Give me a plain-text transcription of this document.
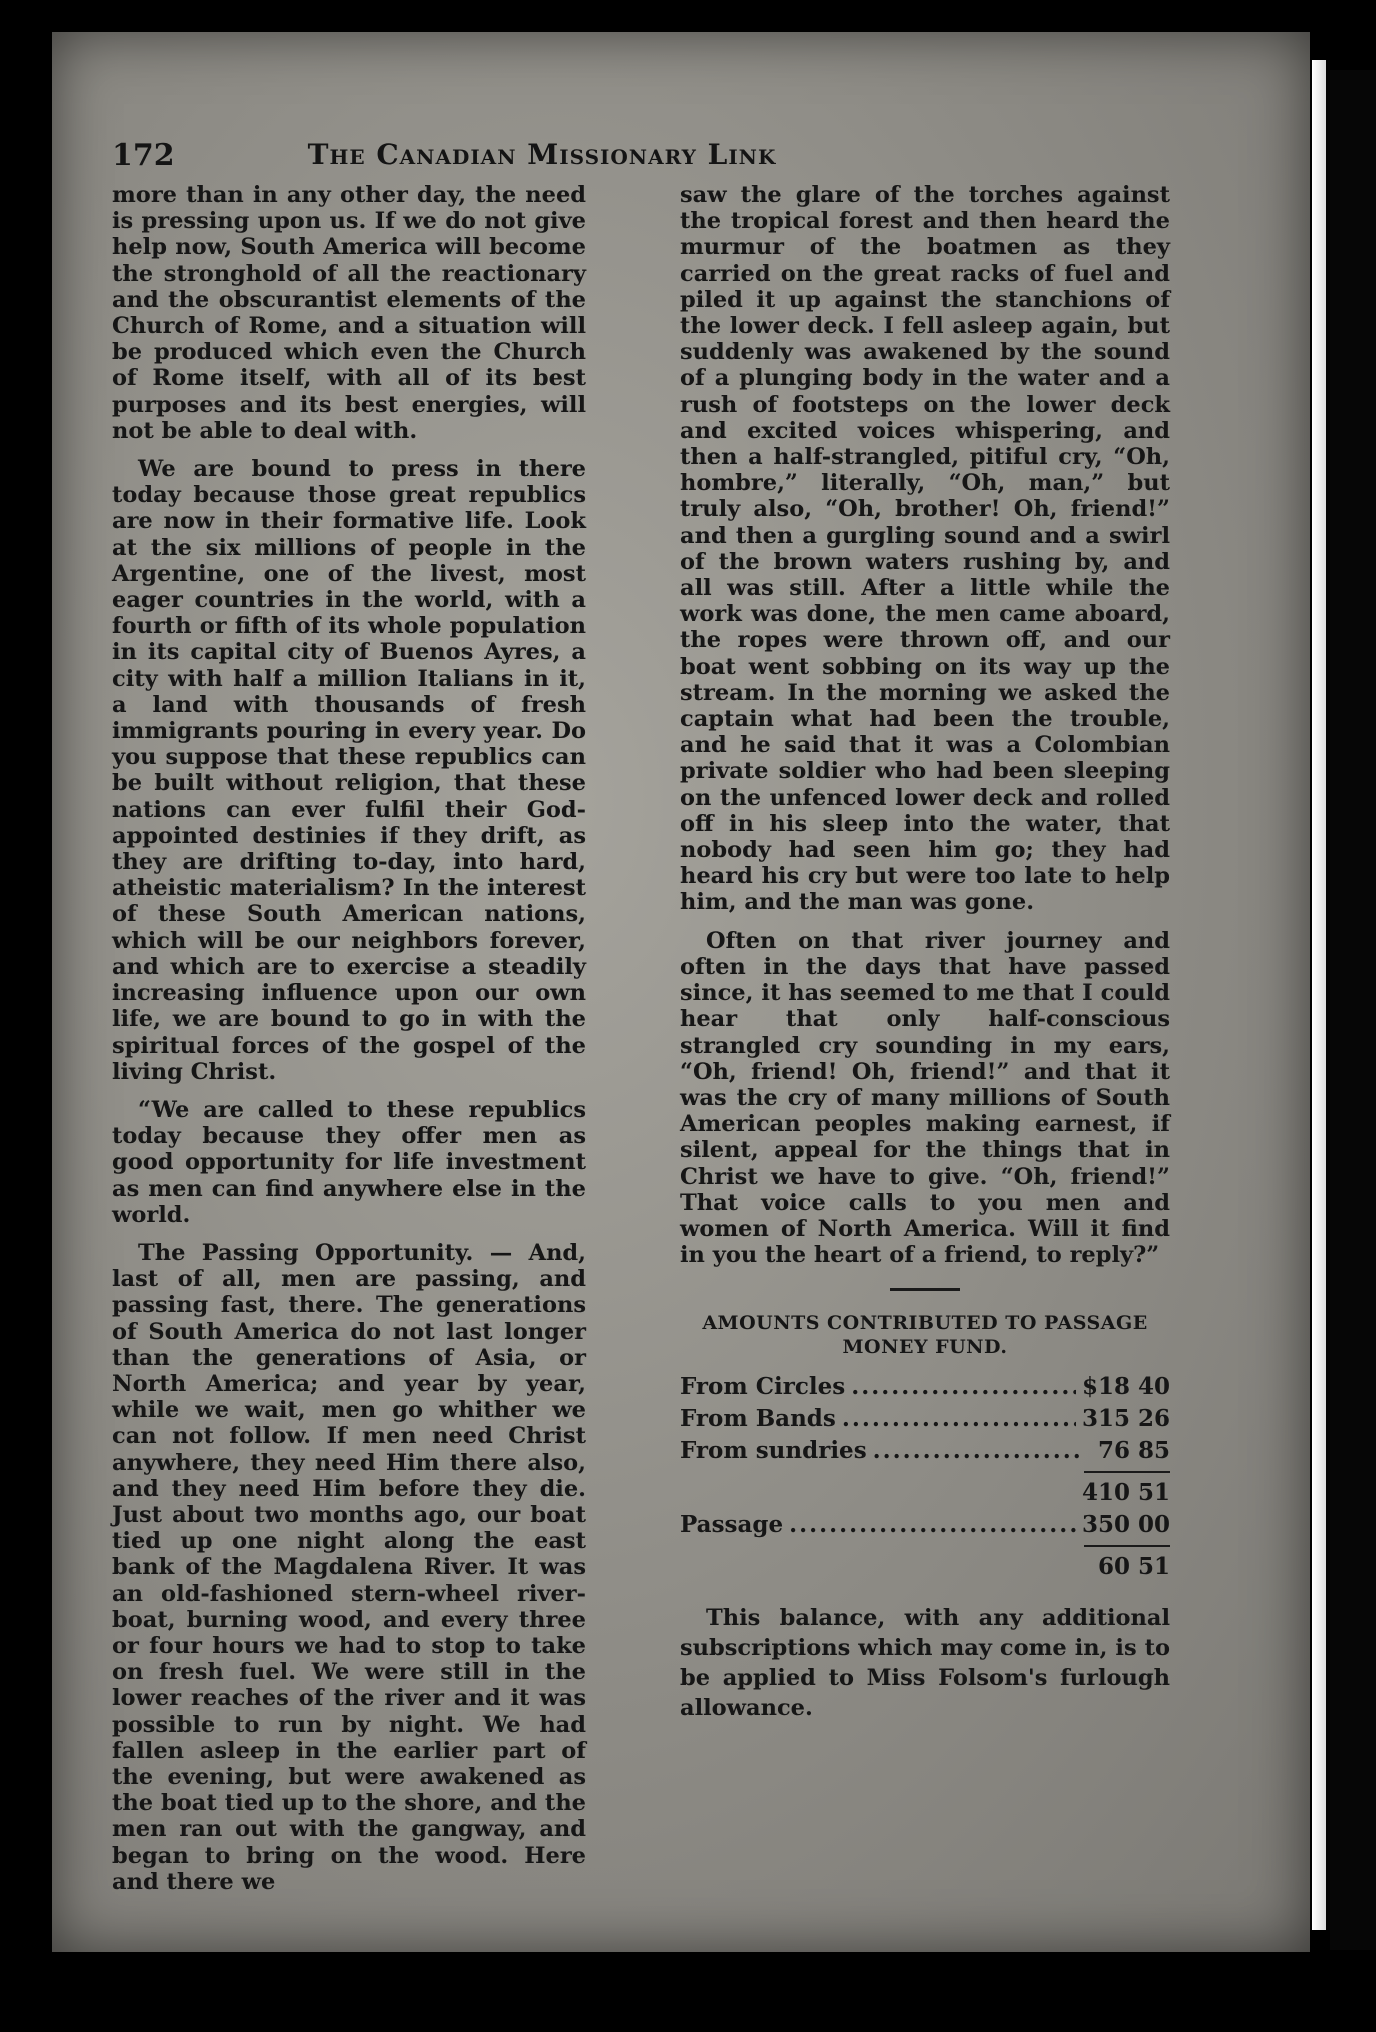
172	The Canadian Missionary Link

more than in any other day, the need is pressing upon us. If we do not give help now, South America will become the stronghold of all the reactionary and the obscurantist elements of the Church of Rome, and a situation will be produced which even the Church of Rome itself, with all of its best purposes and its best energies, will not be able to deal with.

We are bound to press in there today because those great republics are now in their formative life. Look at the six millions of people in the Argentine, one of the livest, most eager countries in the world, with a fourth or fifth of its whole population in its capital city of Buenos Ayres, a city with half a million Italians in it, a land with thousands of fresh immigrants pouring in every year. Do you suppose that these republics can be built without religion, that these nations can ever fulfil their God-appointed destinies if they drift, as they are drifting to-day, into hard, atheistic materialism? In the interest of these South American nations, which will be our neighbors forever, and which are to exercise a steadily increasing influence upon our own life, we are bound to go in with the spiritual forces of the gospel of the living Christ.

“We are called to these republics today because they offer men as good opportunity for life investment as men can find anywhere else in the world.

The Passing Opportunity. — And, last of all, men are passing, and passing fast, there. The generations of South America do not last longer than the generations of Asia, or North America; and year by year, while we wait, men go whither we can not follow. If men need Christ anywhere, they need Him there also, and they need Him before they die. Just about two months ago, our boat tied up one night along the east bank of the Magdalena River. It was an old-fashioned stern-wheel river-boat, burning wood, and every three or four hours we had to stop to take on fresh fuel. We were still in the lower reaches of the river and it was possible to run by night. We had fallen asleep in the earlier part of the evening, but were awakened as the boat tied up to the shore, and the men ran out with the gangway, and began to bring on the wood. Here and there we

saw the glare of the torches against the tropical forest and then heard the murmur of the boatmen as they carried on the great racks of fuel and piled it up against the stanchions of the lower deck. I fell asleep again, but suddenly was awakened by the sound of a plunging body in the water and a rush of footsteps on the lower deck and excited voices whispering, and then a half-strangled, pitiful cry, “Oh, hombre,” literally, “Oh, man,” but truly also, “Oh, brother! Oh, friend!” and then a gurgling sound and a swirl of the brown waters rushing by, and all was still. After a little while the work was done, the men came aboard, the ropes were thrown off, and our boat went sobbing on its way up the stream. In the morning we asked the captain what had been the trouble, and he said that it was a Colombian private soldier who had been sleeping on the unfenced lower deck and rolled off in his sleep into the water, that nobody had seen him go; they had heard his cry but were too late to help him, and the man was gone.

Often on that river journey and often in the days that have passed since, it has seemed to me that I could hear that only half-conscious strangled cry sounding in my ears, “Oh, friend! Oh, friend!” and that it was the cry of many millions of South American peoples making earnest, if silent, appeal for the things that in Christ we have to give. “Oh, friend!” That voice calls to you men and women of North America. Will it find in you the heart of a friend, to reply?”

AMOUNTS CONTRIBUTED TO PASSAGE MONEY FUND.
From Circles .....	$18 40
From Bands .....	315 26
From sundries .....	76 85
410 51
Passage .....	350 00
60 51

This balance, with any additional subscriptions which may come in, is to be applied to Miss Folsom's furlough allowance.
